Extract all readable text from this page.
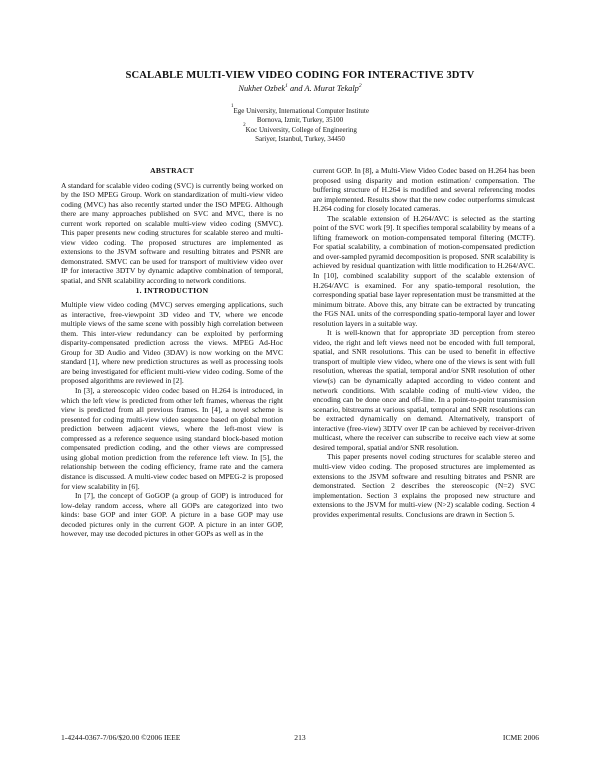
SCALABLE MULTI-VIEW VIDEO CODING FOR INTERACTIVE 3DTV
Nukhet Ozbek$^1$ and A. Murat Tekalp$^2$
$^1$Ege University, International Computer Institute
Bornova, Izmir, Turkey, 35100
$^2$Koc University, College of Engineering
Sariyer, Istanbul, Turkey, 34450
ABSTRACT

A standard for scalable video coding (SVC) is currently being worked on by the ISO MPEG Group. Work on standardization of multi-view video coding (MVC) has also recently started under the ISO MPEG. Although there are many approaches published on SVC and MVC, there is no current work reported on scalable multi-view video coding (SMVC). This paper presents new coding structures for scalable stereo and multi-view video coding. The proposed structures are implemented as extensions to the JSVM software and resulting bitrates and PSNR are demonstrated. SMVC can be used for transport of multiview video over IP for interactive 3DTV by dynamic adaptive combination of temporal, spatial, and SNR scalability according to network conditions.

1. INTRODUCTION

Multiple view video coding (MVC) serves emerging applications, such as interactive, free-viewpoint 3D video and TV, where we encode multiple views of the same scene with possibly high correlation between them. This inter-view redundancy can be exploited by performing disparity-compensated prediction across the views. MPEG Ad-Hoc Group for 3D Audio and Video (3DAV) is now working on the MVC standard [1], where new prediction structures as well as processing tools are being investigated for efficient multi-view video coding. Some of the proposed algorithms are reviewed in [2].

In [3], a stereoscopic video codec based on H.264 is introduced, in which the left view is predicted from other left frames, whereas the right view is predicted from all previous frames. In [4], a novel scheme is presented for coding multi-view video sequence based on global motion prediction between adjacent views, where the left-most view is compressed as a reference sequence using standard block-based motion compensated prediction coding, and the other views are compressed using global motion prediction from the reference left view. In [5], the relationship between the coding efficiency, frame rate and the camera distance is discussed. A multi-view codec based on MPEG-2 is proposed for view scalability in [6].

In [7], the concept of GoGOP (a group of GOP) is introduced for low-delay random access, where all GOPs are categorized into two kinds: base GOP and inter GOP. A picture in a base GOP may use decoded pictures only in the current GOP. A picture in an inter GOP, however, may use decoded pictures in other GOPs as well as in the

current GOP. In [8], a Multi-View Video Codec based on H.264 has been proposed using disparity and motion estimation/ compensation. The buffering structure of H.264 is modified and several referencing modes are implemented. Results show that the new codec outperforms simulcast H.264 coding for closely located cameras.

The scalable extension of H.264/AVC is selected as the starting point of the SVC work [9]. It specifies temporal scalability by means of a lifting framework on motion-compensated temporal filtering (MCTF). For spatial scalability, a combination of motion-compensated prediction and over-sampled pyramid decomposition is proposed. SNR scalability is achieved by residual quantization with little modification to H.264/AVC. In [10], combined scalability support of the scalable extension of H.264/AVC is examined. For any spatio-temporal resolution, the corresponding spatial base layer representation must be transmitted at the minimum bitrate. Above this, any bitrate can be extracted by truncating the FGS NAL units of the corresponding spatio-temporal layer and lower resolution layers in a suitable way.

It is well-known that for appropriate 3D perception from stereo video, the right and left views need not be encoded with full temporal, spatial, and SNR resolutions. This can be used to benefit in effective transport of multiple view video, where one of the views is sent with full resolution, whereas the spatial, temporal and/or SNR resolution of other view(s) can be dynamically adapted according to video content and network conditions. With scalable coding of multi-view video, the encoding can be done once and off-line. In a point-to-point transmission scenario, bitstreams at various spatial, temporal and SNR resolutions can be extracted dynamically on demand. Alternatively, transport of interactive (free-view) 3DTV over IP can be achieved by receiver-driven multicast, where the receiver can subscribe to receive each view at some desired temporal, spatial and/or SNR resolution.

This paper presents novel coding structures for scalable stereo and multi-view video coding. The proposed structures are implemented as extensions to the JSVM software and resulting bitrates and PSNR are demonstrated. Section 2 describes the stereoscopic (N=2) SVC implementation. Section 3 explains the proposed new structure and extensions to the JSVM for multi-view (N>2) scalable coding. Section 4 provides experimental results. Conclusions are drawn in Section 5.

1-4244-0367-7/06/$20.00 ©2006 IEEE	213	ICME 2006
